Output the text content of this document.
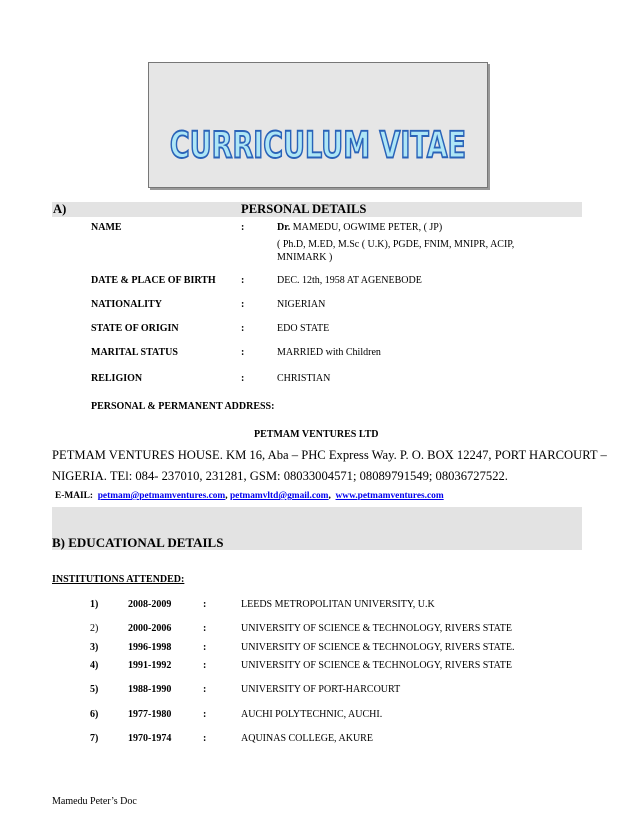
CURRICULUM VITAE
A)	PERSONAL DETAILS
NAME	:	Dr. MAMEDU, OGWIME PETER, ( JP)
( Ph.D, M.ED, M.Sc ( U.K), PGDE, FNIM, MNIPR, ACIP,
MNIMARK )
DATE & PLACE OF BIRTH	:	DEC. 12th, 1958 AT AGENEBODE
NATIONALITY	:	NIGERIAN
STATE OF ORIGIN	:	EDO STATE
MARITAL STATUS	:	MARRIED with Children
RELIGION	:	CHRISTIAN
PERSONAL & PERMANENT ADDRESS:
PETMAM VENTURES LTD
PETMAM VENTURES HOUSE. KM 16, Aba – PHC Express Way. P. O. BOX 12247, PORT HARCOURT –
NIGERIA. TEl: 084- 237010, 231281, GSM: 08033004571; 08089791549; 08036727522.
E-MAIL: petmam@petmamventures.com, petmamvltd@gmail.com, www.petmamventures.com
B) EDUCATIONAL DETAILS
INSTITUTIONS ATTENDED:
1)	2008-2009	:	LEEDS METROPOLITAN UNIVERSITY, U.K
2)	2000-2006	:	UNIVERSITY OF SCIENCE & TECHNOLOGY, RIVERS STATE
3)	1996-1998	:	UNIVERSITY OF SCIENCE & TECHNOLOGY, RIVERS STATE.
4)	1991-1992	:	UNIVERSITY OF SCIENCE & TECHNOLOGY, RIVERS STATE
5)	1988-1990	:	UNIVERSITY OF PORT-HARCOURT
6)	1977-1980	:	AUCHI POLYTECHNIC, AUCHI.
7)	1970-1974	:	AQUINAS COLLEGE, AKURE
Mamedu Peter’s Doc
